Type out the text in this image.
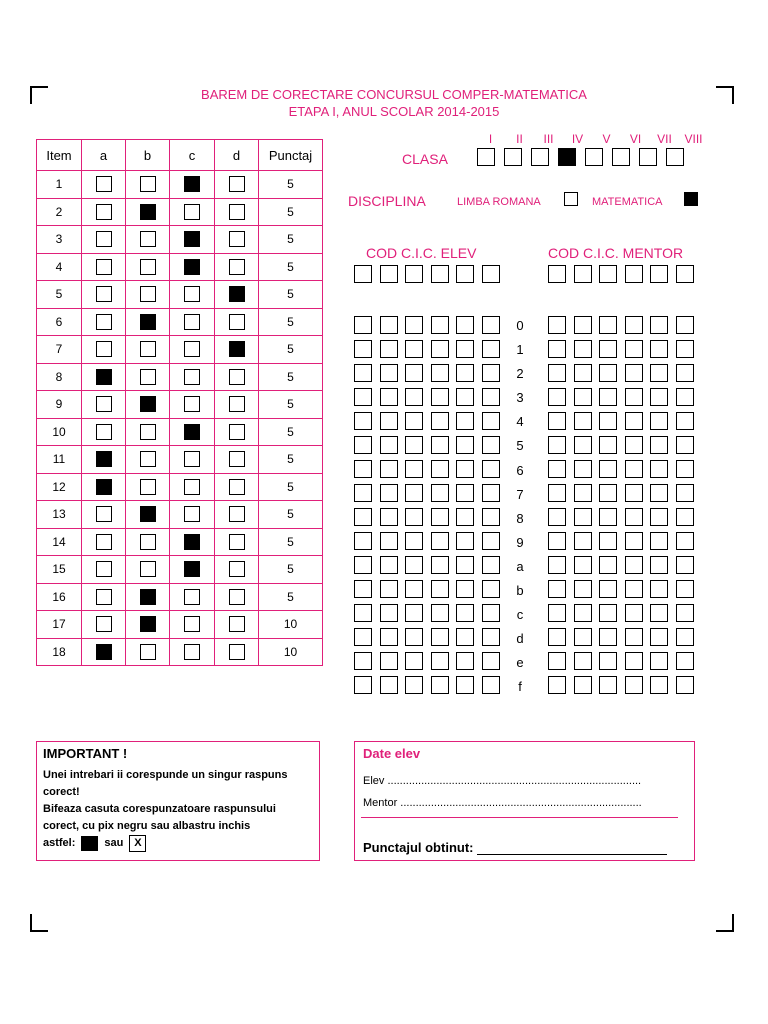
BAREM DE CORECTARE CONCURSUL COMPER-MATEMATICA
ETAPA I, ANUL SCOLAR 2014-2015
Item	a	b	c	d	Punctaj
1					5
2					5
3					5
4					5
5					5
6					5
7					5
8					5
9					5
10					5
11					5
12					5
13					5
14					5
15					5
16					5
17					10
18					10
I	II	III	IV	V	VI	VII	VIII
CLASA
DISCIPLINA	LIMBA ROMANA	MATEMATICA
COD C.I.C. ELEV	COD C.I.C. MENTOR
0
1
2
3
4
5
6
7
8
9
a
b
c
d
e
f
IMPORTANT !

Unei intrebari ii corespunde un singur raspuns corect!

Bifeaza casuta corespunzatoare raspunsului corect, cu pix negru sau albastru inchis

astfel:	sau X

Date elev
Elev ...................................................................................
Mentor ...............................................................................
Punctajul obtinut:
